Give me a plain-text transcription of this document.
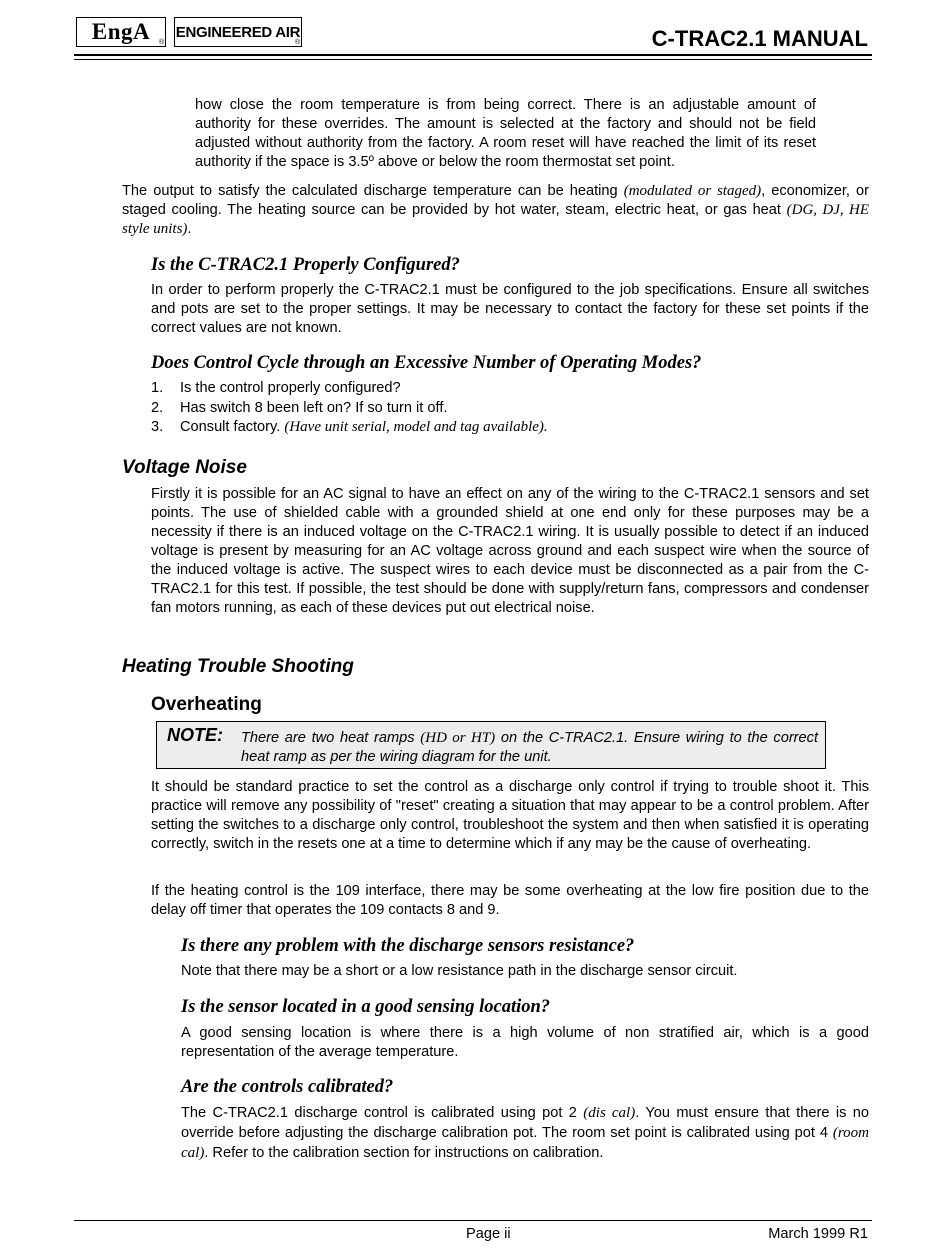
EngA ®
ENGINEERED AIR
®	C-TRAC2.1 MANUAL

how close the room temperature is from being correct. There is an adjustable amount of authority for these overrides. The amount is selected at the factory and should not be field adjusted without authority from the factory. A room reset will have reached the limit of its reset authority if the space is 3.5º above or below the room thermostat set point.

The output to satisfy the calculated discharge temperature can be heating (modulated or staged), economizer, or staged cooling. The heating source can be provided by hot water, steam, electric heat, or gas heat (DG, DJ, HE style units).

Is the C-TRAC2.1 Properly Configured?

In order to perform properly the C-TRAC2.1 must be configured to the job specifications. Ensure all switches and pots are set to the proper settings. It may be necessary to contact the factory for these set points if the correct values are not known.

Does Control Cycle through an Excessive Number of Operating Modes?
1.	Is the control properly configured?
2.	Has switch 8 been left on? If so turn it off.
3.	Consult factory. (Have unit serial, model and tag available).
Voltage Noise

Firstly it is possible for an AC signal to have an effect on any of the wiring to the C-TRAC2.1 sensors and set points. The use of shielded cable with a grounded shield at one end only for these purposes may be a necessity if there is an induced voltage on the C-TRAC2.1 wiring. It is usually possible to detect if an induced voltage is present by measuring for an AC voltage across ground and each suspect wire when the source of the induced voltage is active. The suspect wires to each device must be disconnected as a pair from the C-TRAC2.1 for this test. If possible, the test should be done with supply/return fans, compressors and condenser fan motors running, as each of these devices put out electrical noise.

Heating Trouble Shooting
Overheating
NOTE: There are two heat ramps (HD or HT) on the C-TRAC2.1. Ensure wiring to the correct heat ramp as per the wiring diagram for the unit.

It should be standard practice to set the control as a discharge only control if trying to trouble shoot it. This practice will remove any possibility of "reset" creating a situation that may appear to be a control problem. After setting the switches to a discharge only control, troubleshoot the system and then when satisfied it is operating correctly, switch in the resets one at a time to determine which if any may be the cause of overheating.

If the heating control is the 109 interface, there may be some overheating at the low fire position due to the delay off timer that operates the 109 contacts 8 and 9.

Is there any problem with the discharge sensors resistance?

Note that there may be a short or a low resistance path in the discharge sensor circuit.

Is the sensor located in a good sensing location?

A good sensing location is where there is a high volume of non stratified air, which is a good representation of the average temperature.

Are the controls calibrated?

The C-TRAC2.1 discharge control is calibrated using pot 2 (dis cal). You must ensure that there is no override before adjusting the discharge calibration pot. The room set point is calibrated using pot 4 (room cal). Refer to the calibration section for instructions on calibration.

Page ii	March 1999 R1
